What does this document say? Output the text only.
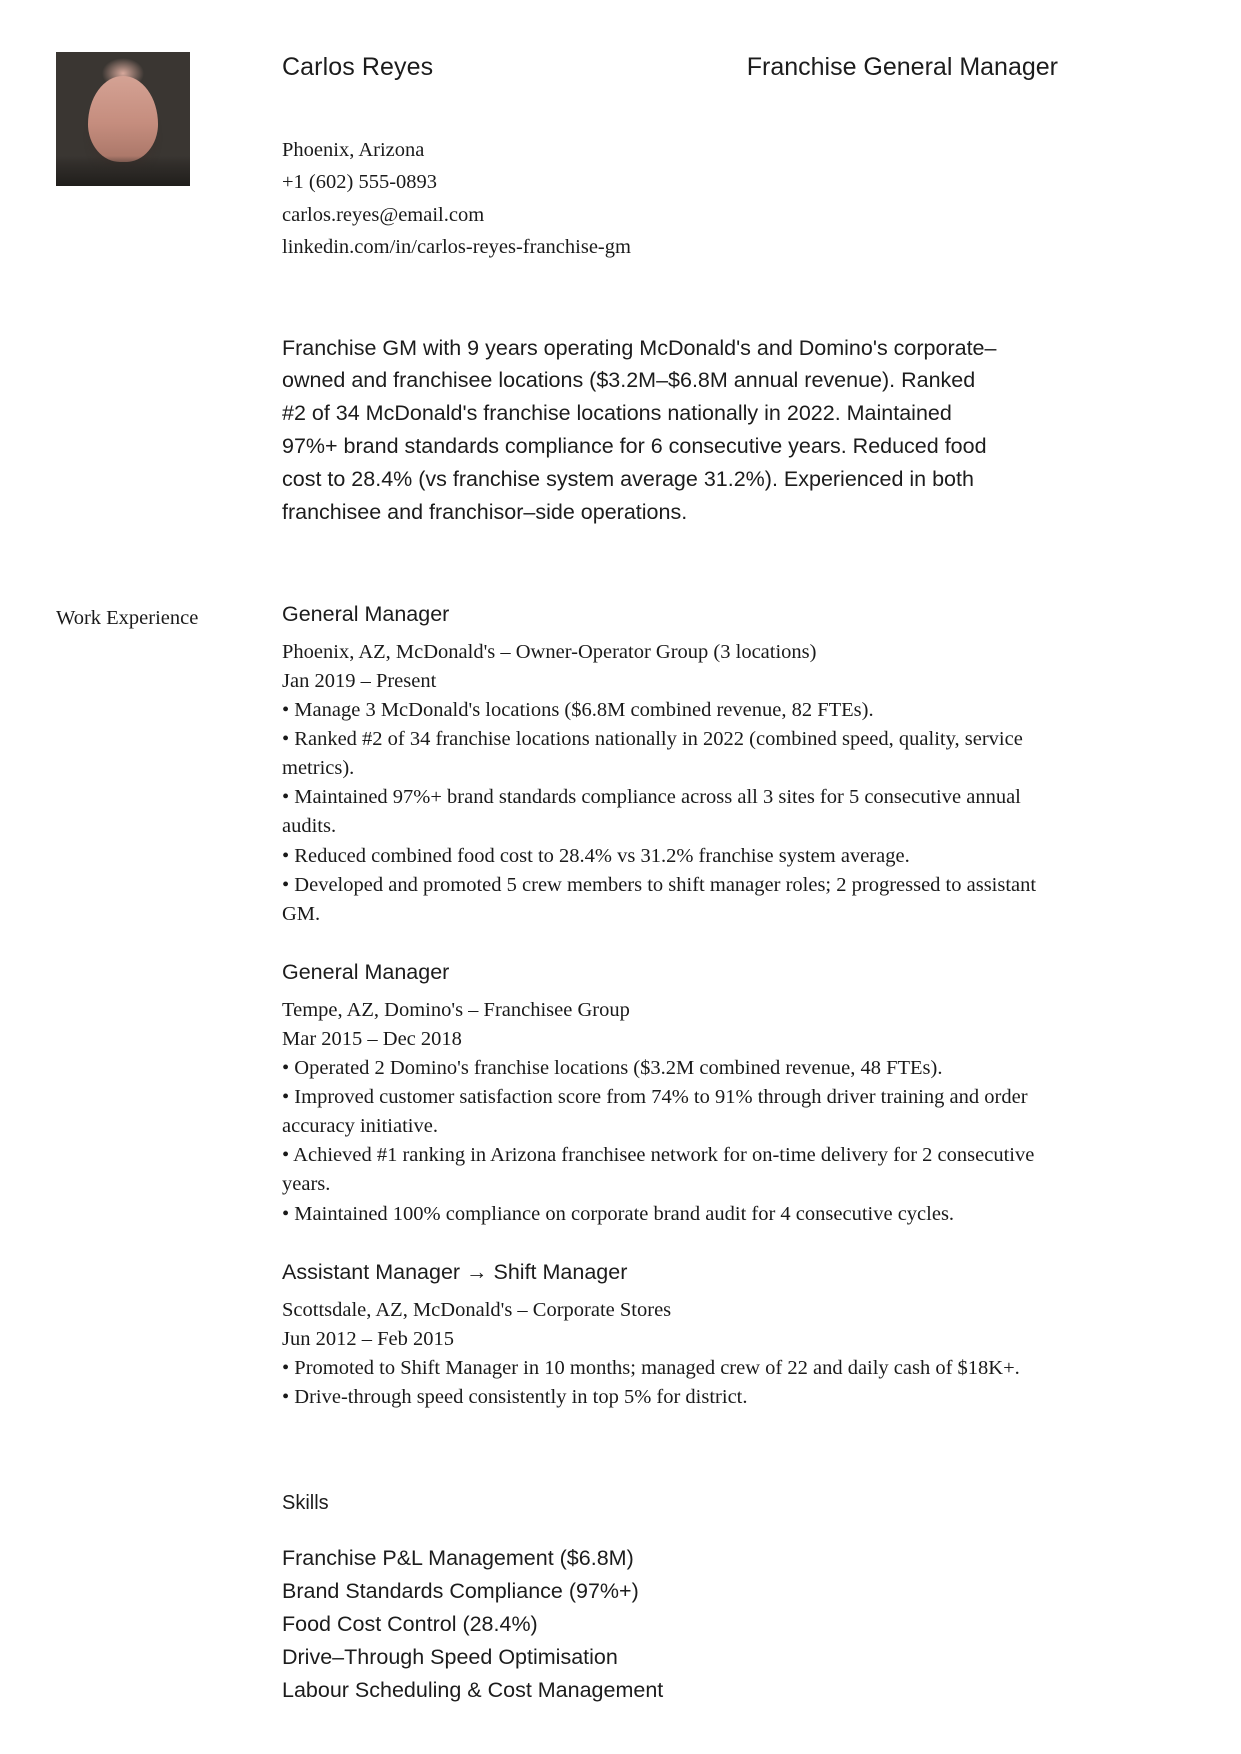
Carlos Reyes	Franchise General Manager
Phoenix, Arizona
+1 (602) 555-0893
carlos.reyes@email.com
linkedin.com/in/carlos-reyes-franchise-gm
Franchise GM with 9 years operating McDonald's and Domino's corporate–owned and franchisee locations ($3.2M–$6.8M annual revenue). Ranked #2 of 34 McDonald's franchise locations nationally in 2022. Maintained 97%+ brand standards compliance for 6 consecutive years. Reduced food cost to 28.4% (vs franchise system average 31.2%). Experienced in both franchisee and franchisor–side operations.
Work Experience	General Manager
Phoenix, AZ, McDonald's – Owner-Operator Group (3 locations)
Jan 2019 – Present
• Manage 3 McDonald's locations ($6.8M combined revenue, 82 FTEs).
• Ranked #2 of 34 franchise locations nationally in 2022 (combined speed, quality, service metrics).
• Maintained 97%+ brand standards compliance across all 3 sites for 5 consecutive annual audits.
• Reduced combined food cost to 28.4% vs 31.2% franchise system average.
• Developed and promoted 5 crew members to shift manager roles; 2 progressed to assistant GM.
General Manager
Tempe, AZ, Domino's – Franchisee Group
Mar 2015 – Dec 2018
• Operated 2 Domino's franchise locations ($3.2M combined revenue, 48 FTEs).
• Improved customer satisfaction score from 74% to 91% through driver training and order accuracy initiative.
• Achieved #1 ranking in Arizona franchisee network for on-time delivery for 2 consecutive years.
• Maintained 100% compliance on corporate brand audit for 4 consecutive cycles.
Assistant Manager → Shift Manager
Scottsdale, AZ, McDonald's – Corporate Stores
Jun 2012 – Feb 2015
• Promoted to Shift Manager in 10 months; managed crew of 22 and daily cash of $18K+.
• Drive-through speed consistently in top 5% for district.
Skills
Franchise P&L Management ($6.8M)
Brand Standards Compliance (97%+)
Food Cost Control (28.4%)
Drive–Through Speed Optimisation
Labour Scheduling & Cost Management
